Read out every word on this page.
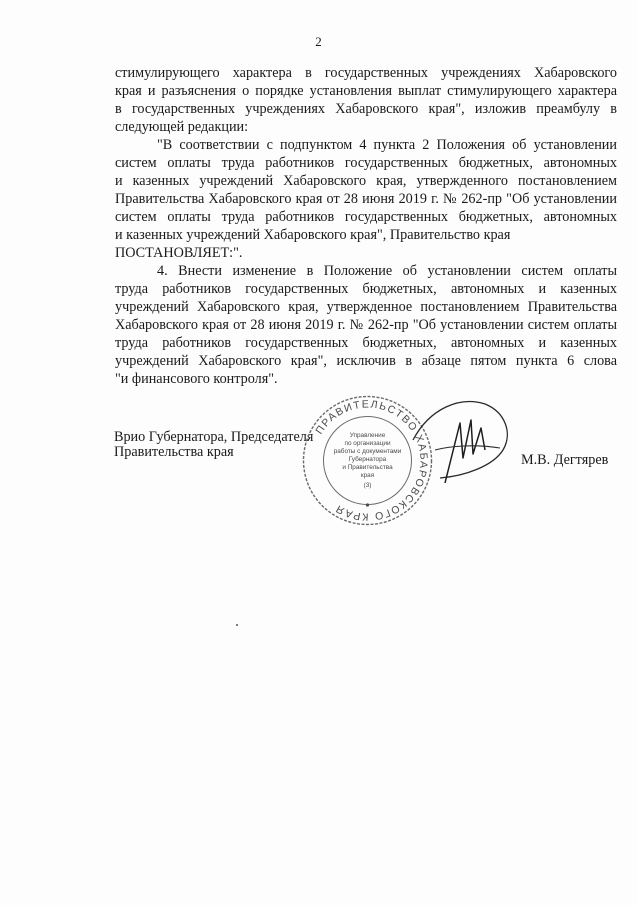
2
стимулирующего характера в государственных учреждениях Хабаровского
края и разъяснения о порядке установления выплат стимулирующего характера
в государственных учреждениях Хабаровского края", изложив преамбулу в
следующей редакции:
"В соответствии с подпунктом 4 пункта 2 Положения об установлении
систем оплаты труда работников государственных бюджетных, автономных
и казенных учреждений Хабаровского края, утвержденного постановлением
Правительства Хабаровского края от 28 июня 2019 г. № 262-пр "Об установлении
систем оплаты труда работников государственных бюджетных, автономных
и казенных учреждений Хабаровского края", Правительство края
ПОСТАНОВЛЯЕТ:".
4. Внести изменение в Положение об установлении систем оплаты
труда работников государственных бюджетных, автономных и казенных
учреждений Хабаровского края, утвержденное постановлением Правительства
Хабаровского края от 28 июня 2019 г. № 262-пр "Об установлении систем оплаты
труда работников государственных бюджетных, автономных и казенных
учреждений Хабаровского края", исключив в абзаце пятом пункта 6 слова
"и финансового контроля".
Врио Губернатора, Председателя
Правительства края	М.В. Дегтярев
ПРАВИТЕЛЬСТВО ХАБАРОВСКОГО КРАЯ
Управление
по организации
работы с документами
Губернатора
и Правительства
края
(3)
